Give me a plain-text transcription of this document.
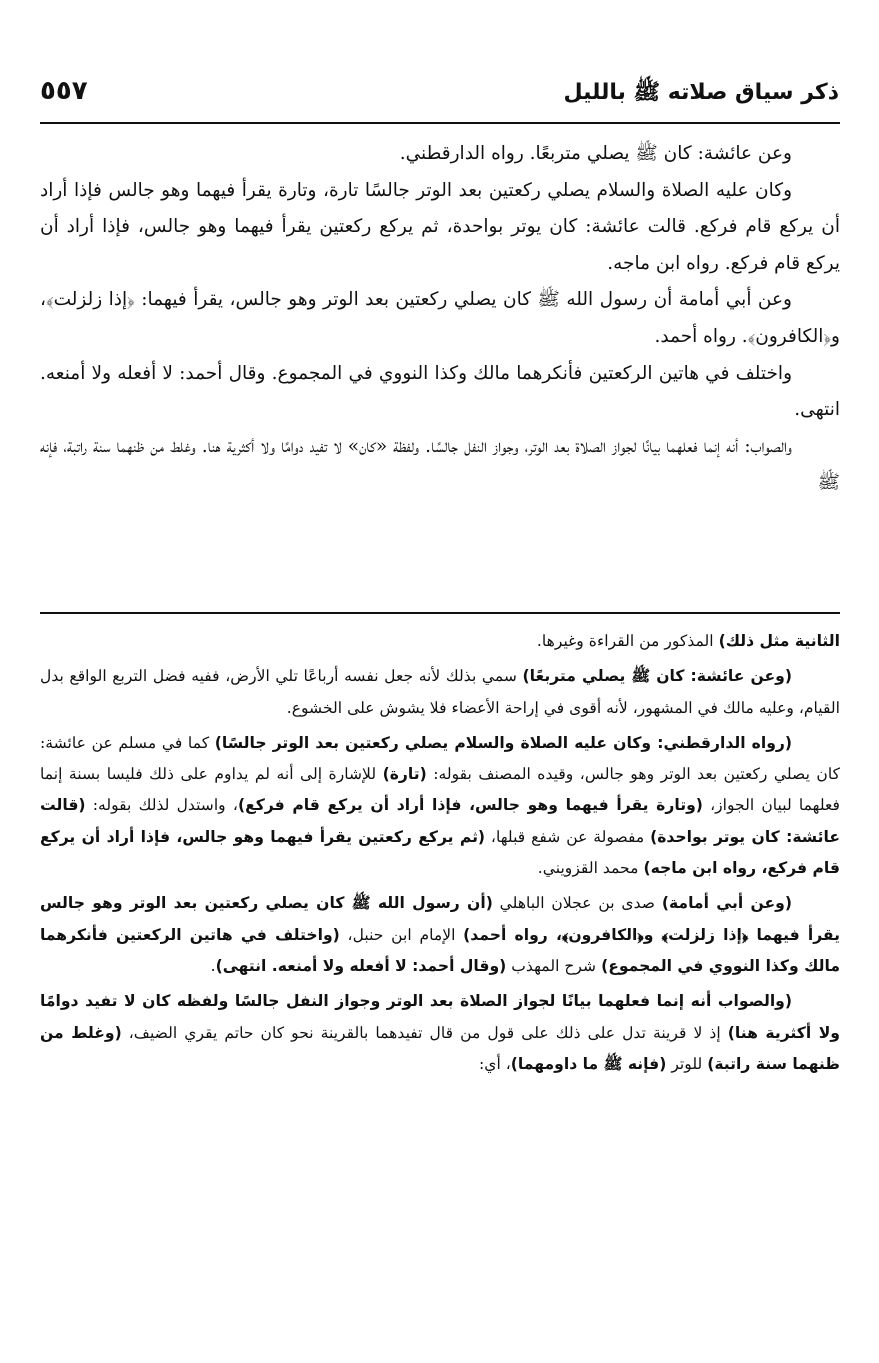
ذكر سياق صلاته ﷺ بالليل
٥٥٧

وعن عائشة: كان ﷺ يصلي متربعًا. رواه الدارقطني.

وكان عليه الصلاة والسلام يصلي ركعتين بعد الوتر جالسًا تارة، وتارة يقرأ فيهما وهو جالس فإذا أراد أن يركع قام فركع. قالت عائشة: كان يوتر بواحدة، ثم يركع ركعتين يقرأ فيهما وهو جالس، فإذا أراد أن يركع قام فركع. رواه ابن ماجه.

وعن أبي أمامة أن رسول الله ﷺ كان يصلي ركعتين بعد الوتر وهو جالس، يقرأ فيهما: ﴿إذا زلزلت﴾، و﴿الكافرون﴾. رواه أحمد.

واختلف في هاتين الركعتين فأنكرهما مالك وكذا النووي في المجموع. وقال أحمد: لا أفعله ولا أمنعه. انتهى.

والصواب: أنه إنما فعلهما بيانًا لجواز الصلاة بعد الوتر، وجواز النفل جالسًا. ولفظة «كان» لا تفيد دوامًا ولا أكثرية هنا. وغلط من ظنهما سنة راتبة، فإنه ﷺ

الثانية مثل ذلك) المذكور من القراءة وغيرها.

(وعن عائشة: كان ﷺ يصلي متربعًا) سمي بذلك لأنه جعل نفسه أرباعًا تلي الأرض، ففيه فضل التربع الواقع بدل القيام، وعليه مالك في المشهور، لأنه أقوى في إراحة الأعضاء فلا يشوش على الخشوع.

(رواه الدارقطني: وكان عليه الصلاة والسلام يصلي ركعتين بعد الوتر جالسًا) كما في مسلم عن عائشة: كان يصلي ركعتين بعد الوتر وهو جالس، وقيده المصنف بقوله: (تارة) للإشارة إلى أنه لم يداوم على ذلك فليسا بسنة إنما فعلهما لبيان الجواز، (وتارة يقرأ فيهما وهو جالس، فإذا أراد أن يركع قام فركع)، واستدل لذلك بقوله: (قالت عائشة: كان يوتر بواحدة) مفصولة عن شفع قبلها، (ثم يركع ركعتين يقرأ فيهما وهو جالس، فإذا أراد أن يركع قام فركع، رواه ابن ماجه) محمد القزويني.

(وعن أبي أمامة) صدى بن عجلان الباهلي (أن رسول الله ﷺ كان يصلي ركعتين بعد الوتر وهو جالس يقرأ فيهما ﴿إذا زلزلت﴾ و﴿الكافرون﴾، رواه أحمد) الإمام ابن حنبل، (واختلف في هاتين الركعتين فأنكرهما مالك وكذا النووي في المجموع) شرح المهذب (وقال أحمد: لا أفعله ولا أمنعه. انتهى).

(والصواب أنه إنما فعلهما بيانًا لجواز الصلاة بعد الوتر وجواز النفل جالسًا ولفظه كان لا تفيد دوامًا ولا أكثرية هنا) إذ لا قرينة تدل على ذلك على قول من قال تفيدهما بالقرينة نحو كان حاتم يقري الضيف، (وغلط من ظنهما سنة راتبة) للوتر (فإنه ﷺ ما داومهما)، أي:
